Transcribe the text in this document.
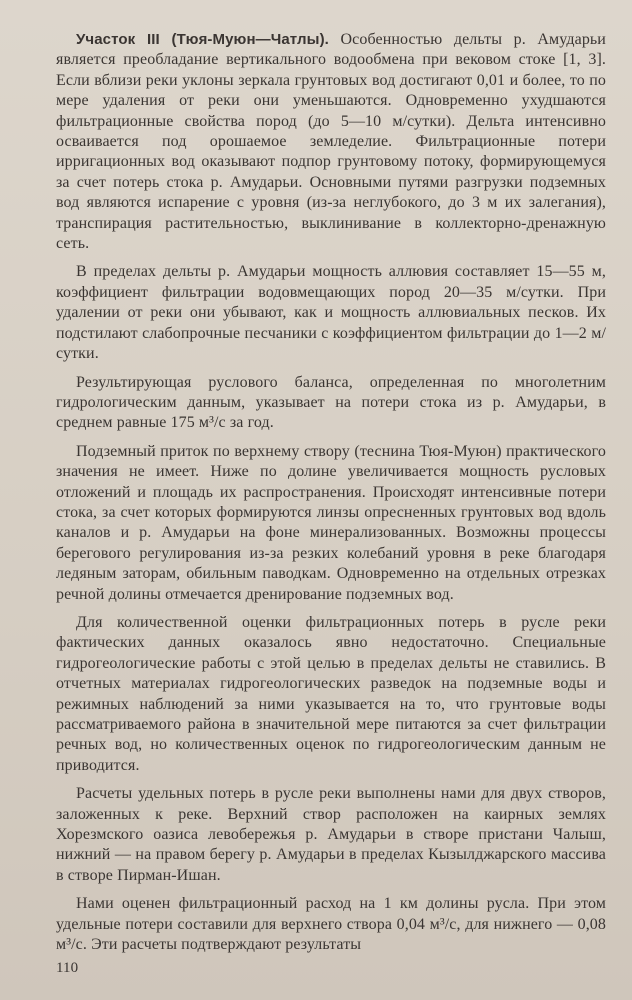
Участок III (Тюя-Муюн—Чатлы). Особенностью дельты р. Амударьи является преобладание вертикального водообмена при вековом стоке [1, 3]. Если вблизи реки уклоны зеркала грунтовых вод достигают 0,01 и более, то по мере удаления от реки они уменьшаются. Одновременно ухудшаются фильтрационные свойства пород (до 5—10 м/сутки). Дельта интенсивно осваивается под орошаемое земледелие. Фильтрационные потери ирригационных вод оказывают подпор грунтовому потоку, формирующемуся за счет потерь стока р. Амударьи. Основными путями разгрузки подземных вод являются испарение с уровня (из-за неглубокого, до 3 м их залегания), транспирация растительностью, выклинивание в коллекторно-дренажную сеть.

В пределах дельты р. Амударьи мощность аллювия составляет 15—55 м, коэффициент фильтрации водовмещающих пород 20—35 м/сутки. При удалении от реки они убывают, как и мощность аллювиальных песков. Их подстилают слабопрочные песчаники с коэффициентом фильтрации до 1—2 м/сутки.

Результирующая руслового баланса, определенная по многолетним гидрологическим данным, указывает на потери стока из р. Амударьи, в среднем равные 175 м³/с за год.

Подземный приток по верхнему створу (теснина Тюя-Муюн) практического значения не имеет. Ниже по долине увеличивается мощность русловых отложений и площадь их распространения. Происходят интенсивные потери стока, за счет которых формируются линзы опресненных грунтовых вод вдоль каналов и р. Амударьи на фоне минерализованных. Возможны процессы берегового регулирования из-за резких колебаний уровня в реке благодаря ледяным заторам, обильным паводкам. Одновременно на отдельных отрезках речной долины отмечается дренирование подземных вод.

Для количественной оценки фильтрационных потерь в русле реки фактических данных оказалось явно недостаточно. Специальные гидрогеологические работы с этой целью в пределах дельты не ставились. В отчетных материалах гидрогеологических разведок на подземные воды и режимных наблюдений за ними указывается на то, что грунтовые воды рассматриваемого района в значительной мере питаются за счет фильтрации речных вод, но количественных оценок по гидрогеологическим данным не приводится.

Расчеты удельных потерь в русле реки выполнены нами для двух створов, заложенных к реке. Верхний створ расположен на каирных землях Хорезмского оазиса левобережья р. Амударьи в створе пристани Чалыш, нижний — на правом берегу р. Амударьи в пределах Кызылджарского массива в створе Пирман-Ишан.

Нами оценен фильтрационный расход на 1 км долины русла. При этом удельные потери составили для верхнего створа 0,04 м³/с, для нижнего — 0,08 м³/с. Эти расчеты подтверждают результаты

110
